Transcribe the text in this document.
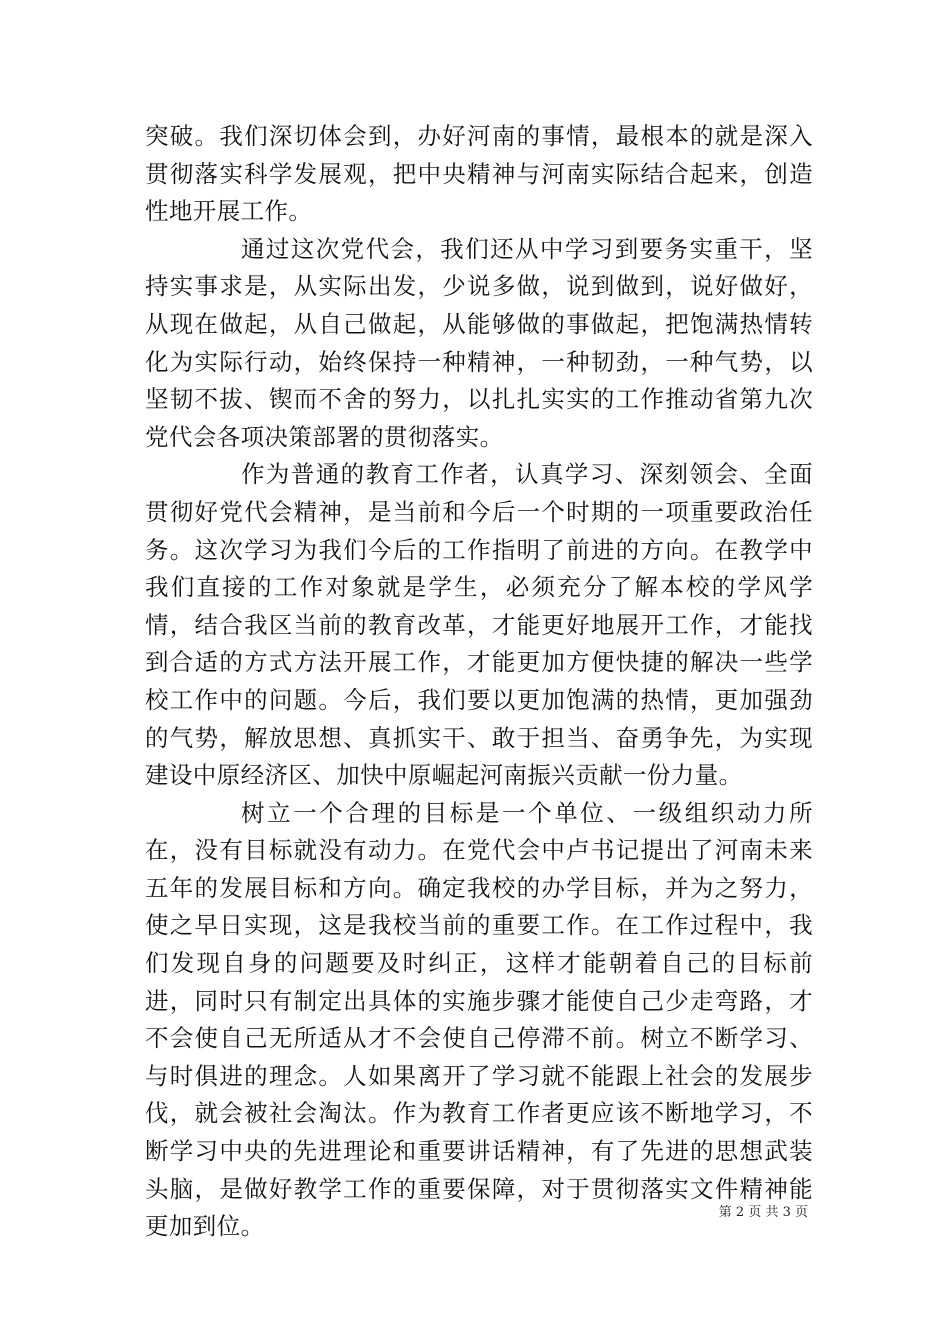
突破。我们深切体会到，办好河南的事情，最根本的就是深入贯彻落实科学发展观，把中央精神与河南实际结合起来，创造性地开展工作。

通过这次党代会，我们还从中学习到要务实重干，坚持实事求是，从实际出发，少说多做，说到做到，说好做好，从现在做起，从自己做起，从能够做的事做起，把饱满热情转化为实际行动，始终保持一种精神，一种韧劲，一种气势，以坚韧不拔、锲而不舍的努力，以扎扎实实的工作推动省第九次党代会各项决策部署的贯彻落实。

作为普通的教育工作者，认真学习、深刻领会、全面贯彻好党代会精神，是当前和今后一个时期的一项重要政治任务。这次学习为我们今后的工作指明了前进的方向。在教学中我们直接的工作对象就是学生，必须充分了解本校的学风学情，结合我区当前的教育改革，才能更好地展开工作，才能找到合适的方式方法开展工作，才能更加方便快捷的解决一些学校工作中的问题。今后，我们要以更加饱满的热情，更加强劲的气势，解放思想、真抓实干、敢于担当、奋勇争先，为实现建设中原经济区、加快中原崛起河南振兴贡献一份力量。

树立一个合理的目标是一个单位、一级组织动力所在，没有目标就没有动力。在党代会中卢书记提出了河南未来五年的发展目标和方向。确定我校的办学目标，并为之努力，使之早日实现，这是我校当前的重要工作。在工作过程中，我们发现自身的问题要及时纠正，这样才能朝着自己的目标前进，同时只有制定出具体的实施步骤才能使自己少走弯路，才不会使自己无所适从才不会使自己停滞不前。树立不断学习、与时俱进的理念。人如果离开了学习就不能跟上社会的发展步伐，就会被社会淘汰。作为教育工作者更应该不断地学习，不断学习中央的先进理论和重要讲话精神，有了先进的思想武装头脑，是做好教学工作的重要保障，对于贯彻落实文件精神能更加到位。	第 2 页 共 3 页
